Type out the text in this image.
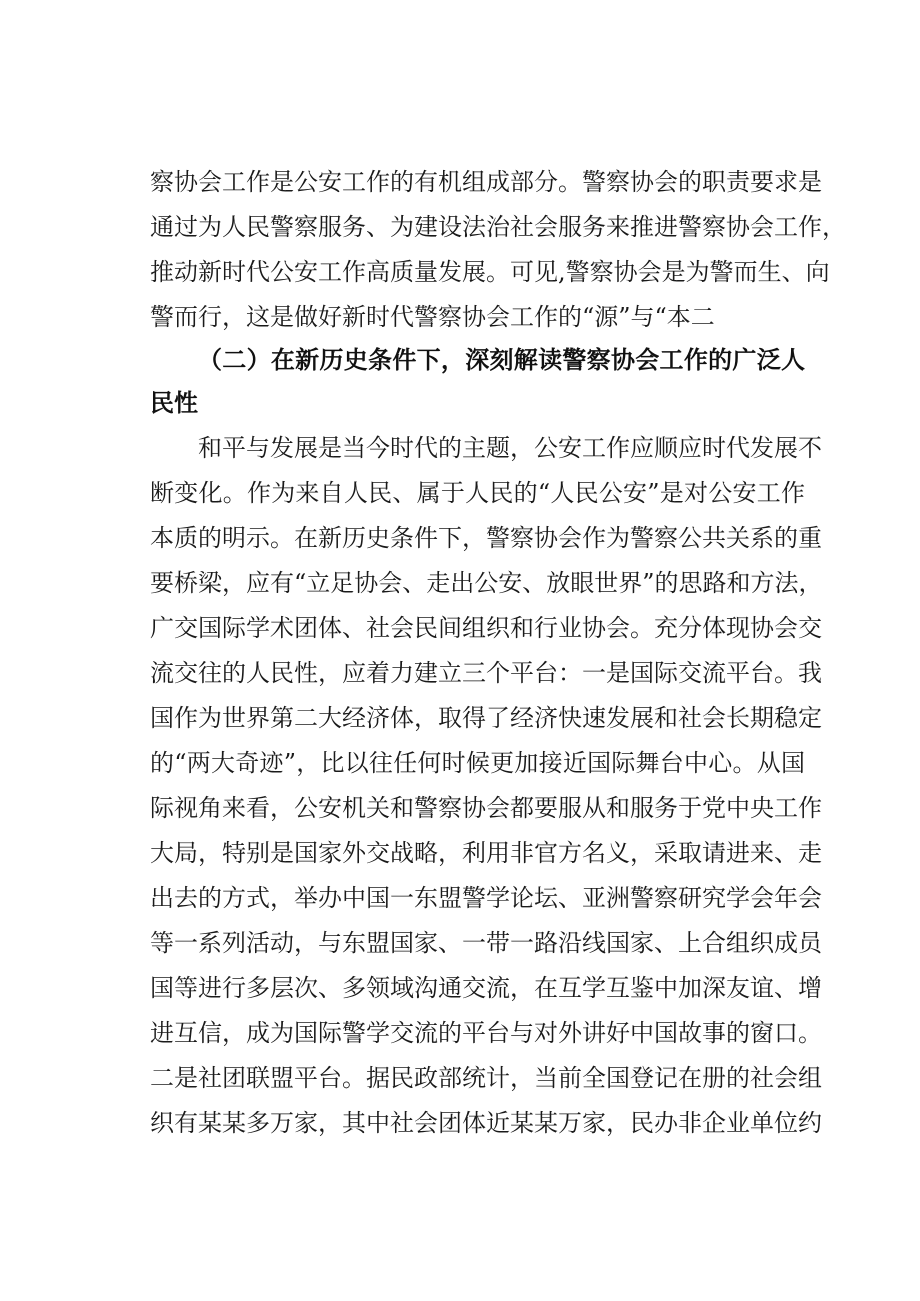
察协会工作是公安工作的有机组成部分。警察协会的职责要求是
通过为人民警察服务、为建设法治社会服务来推进警察协会工作，
推动新时代公安工作高质量发展。可见,警察协会是为警而生、向
警而行，这是做好新时代警察协会工作的“源”与“本二
（二）在新历史条件下，深刻解读警察协会工作的广泛人
民性
和平与发展是当今时代的主题，公安工作应顺应时代发展不
断变化。作为来自人民、属于人民的“人民公安”是对公安工作
本质的明示。在新历史条件下，警察协会作为警察公共关系的重
要桥梁，应有“立足协会、走出公安、放眼世界”的思路和方法，
广交国际学术团体、社会民间组织和行业协会。充分体现协会交
流交往的人民性，应着力建立三个平台：一是国际交流平台。我
国作为世界第二大经济体，取得了经济快速发展和社会长期稳定
的“两大奇迹”，比以往任何时候更加接近国际舞台中心。从国
际视角来看，公安机关和警察协会都要服从和服务于党中央工作
大局，特别是国家外交战略，利用非官方名义，采取请进来、走
出去的方式，举办中国一东盟警学论坛、亚洲警察研究学会年会
等一系列活动，与东盟国家、一带一路沿线国家、上合组织成员
国等进行多层次、多领域沟通交流，在互学互鉴中加深友谊、增
进互信，成为国际警学交流的平台与对外讲好中国故事的窗口。
二是社团联盟平台。据民政部统计，当前全国登记在册的社会组
织有某某多万家，其中社会团体近某某万家，民办非企业单位约
